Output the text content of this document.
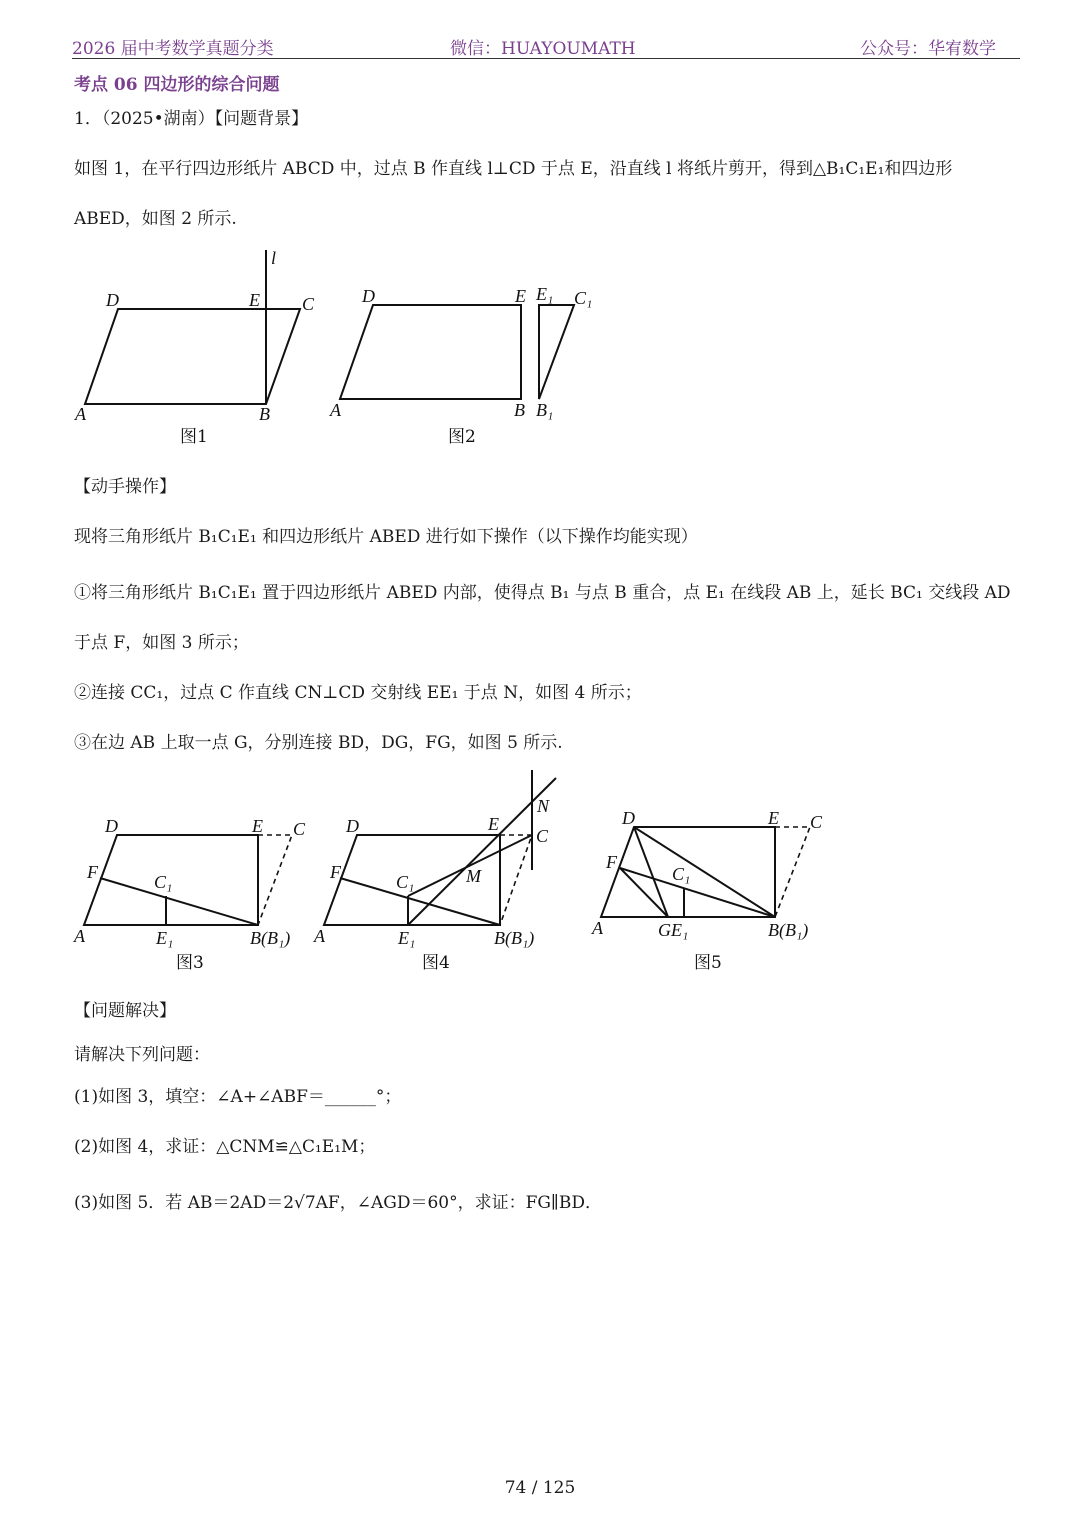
2026 届中考数学真题分类	微信：HUAYOUMATH	公众号：华宥数学
考点 06 四边形的综合问题
1．（2025•湖南）【问题背景】
如图 1，在平行四边形纸片 ABCD 中，过点 B 作直线 l⊥CD 于点 E，沿直线 l 将纸片剪开，得到△B₁C₁E₁和四边形
ABED，如图 2 所示.
l
D	E C
A	B
图1
D	E E₁ C₁
A	B B₁
图2
【动手操作】
现将三角形纸片 B₁C₁E₁ 和四边形纸片 ABED 进行如下操作（以下操作均能实现）
①将三角形纸片 B₁C₁E₁ 置于四边形纸片 ABED 内部，使得点 B₁ 与点 B 重合，点 E₁ 在线段 AB 上，延长 BC₁ 交线段 AD
于点 F，如图 3 所示；
②连接 CC₁，过点 C 作直线 CN⊥CD 交射线 EE₁ 于点 N，如图 4 所示；
③在边 AB 上取一点 G，分别连接 BD，DG，FG，如图 5 所示.
D	E C
F	C₁
A	E₁	B(B₁)
图3
N
D	E
C
F	C₁	M
A	E₁	B(B₁)
图4
D	E C
F
C₁
A	GE₁	B(B₁)
图5
【问题解决】
请解决下列问题：
(1)如图 3，填空：∠A+∠ABF＝______°；
(2)如图 4，求证：△CNM≌△C₁E₁M；
(3)如图 5．若 AB＝2AD＝2√7AF，∠AGD＝60°，求证：FG∥BD．
74 / 125
